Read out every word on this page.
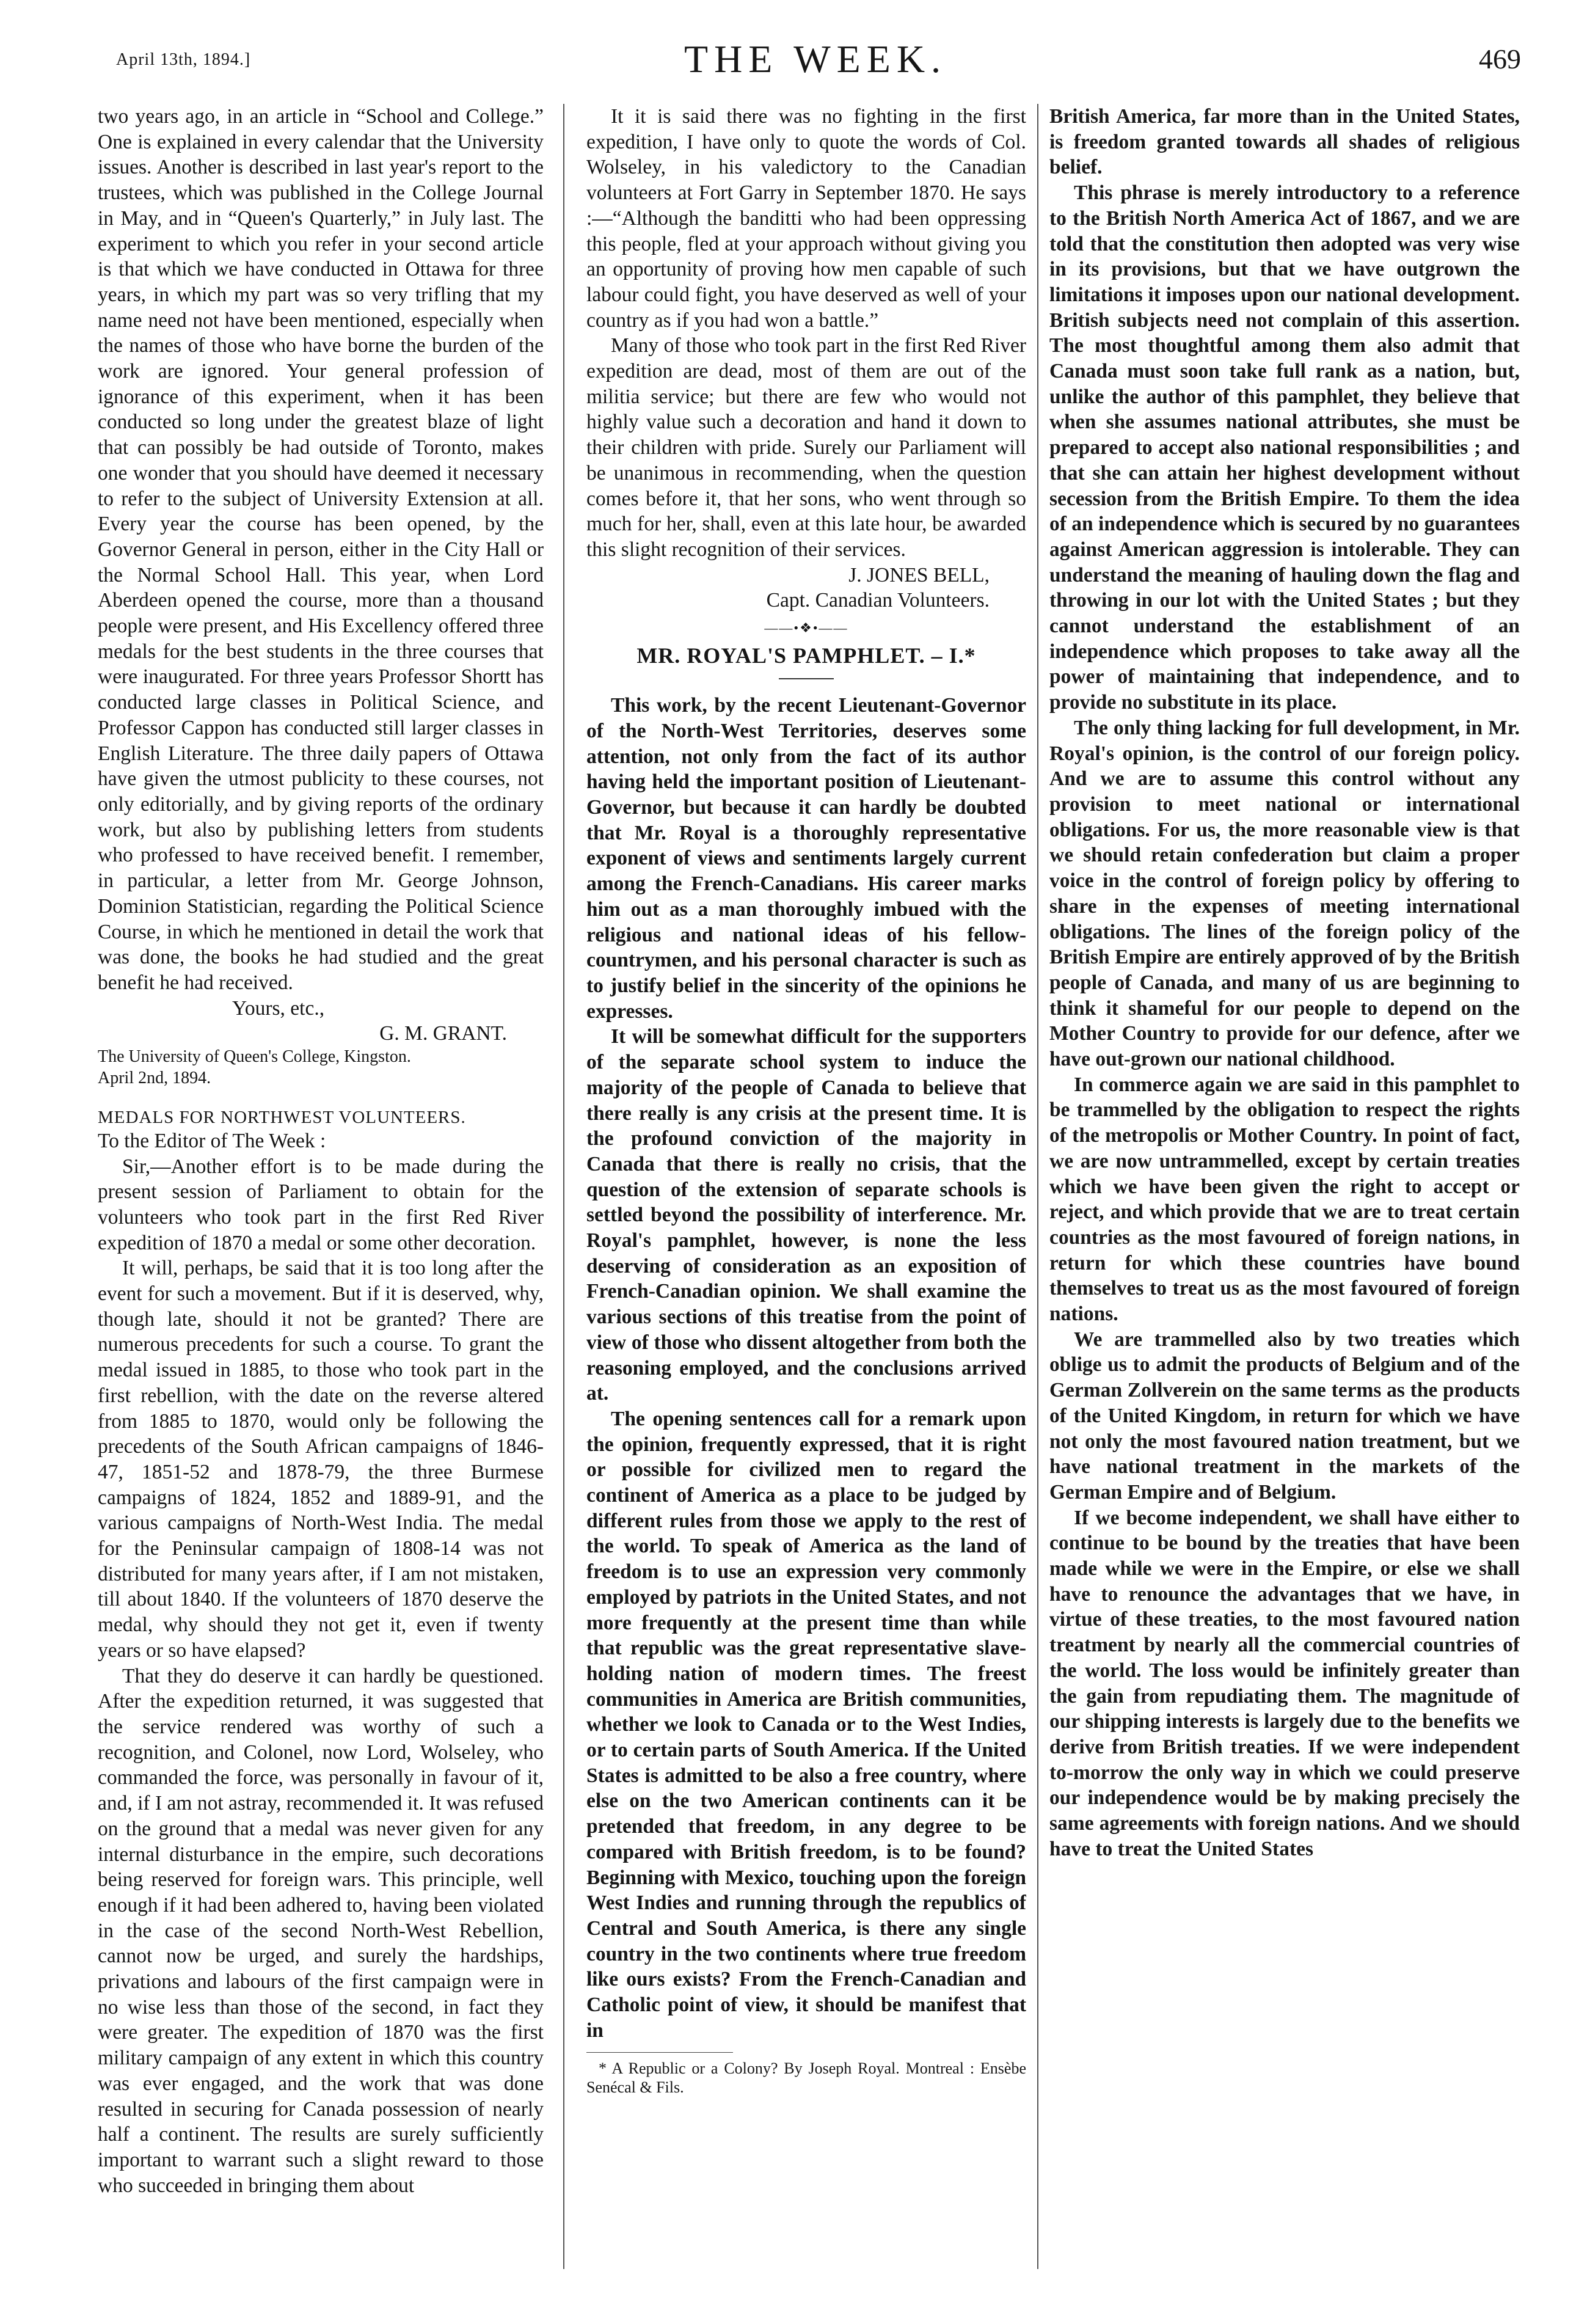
April 13th, 1894.]	THE WEEK.	469

two years ago, in an article in “School and College.” One is explained in every calendar that the University issues. Another is described in last year's report to the trustees, which was published in the College Journal in May, and in “Queen's Quarterly,” in July last. The experiment to which you refer in your second article is that which we have conducted in Ottawa for three years, in which my part was so very trifling that my name need not have been mentioned, especially when the names of those who have borne the burden of the work are ignored. Your general profession of ignorance of this experiment, when it has been conducted so long under the greatest blaze of light that can possibly be had outside of Toronto, makes one wonder that you should have deemed it necessary to refer to the subject of University Extension at all. Every year the course has been opened, by the Governor General in person, either in the City Hall or the Normal School Hall. This year, when Lord Aberdeen opened the course, more than a thousand people were present, and His Excellency offered three medals for the best students in the three courses that were inaugurated. For three years Professor Shortt has conducted large classes in Political Science, and Professor Cappon has conducted still larger classes in English Literature. The three daily papers of Ottawa have given the utmost publicity to these courses, not only editorially, and by giving reports of the ordinary work, but also by publishing letters from students who professed to have received benefit. I remember, in particular, a letter from Mr. George Johnson, Dominion Statistician, regarding the Political Science Course, in which he mentioned in detail the work that was done, the books he had studied and the great benefit he had received.

Yours, etc.,

G. M. GRANT.

The University of Queen's College, Kingston.

April 2nd, 1894.

MEDALS FOR NORTHWEST VOLUNTEERS.

To the Editor of The Week :

Sir,—Another effort is to be made during the present session of Parliament to obtain for the volunteers who took part in the first Red River expedition of 1870 a medal or some other decoration.

It will, perhaps, be said that it is too long after the event for such a movement. But if it is deserved, why, though late, should it not be granted? There are numerous precedents for such a course. To grant the medal issued in 1885, to those who took part in the first rebellion, with the date on the reverse altered from 1885 to 1870, would only be following the precedents of the South African campaigns of 1846-47, 1851-52 and 1878-79, the three Burmese campaigns of 1824, 1852 and 1889-91, and the various campaigns of North-West India. The medal for the Peninsular campaign of 1808-14 was not distributed for many years after, if I am not mistaken, till about 1840. If the volunteers of 1870 deserve the medal, why should they not get it, even if twenty years or so have elapsed?

That they do deserve it can hardly be questioned. After the expedition returned, it was suggested that the service rendered was worthy of such a recognition, and Colonel, now Lord, Wolseley, who commanded the force, was personally in favour of it, and, if I am not astray, recommended it. It was refused on the ground that a medal was never given for any internal disturbance in the empire, such decorations being reserved for foreign wars. This principle, well enough if it had been adhered to, having been violated in the case of the second North-West Rebellion, cannot now be urged, and surely the hardships, privations and labours of the first campaign were in no wise less than those of the second, in fact they were greater. The expedition of 1870 was the first military campaign of any extent in which this country was ever engaged, and the work that was done resulted in securing for Canada possession of nearly half a continent. The results are surely sufficiently important to warrant such a slight reward to those who succeeded in bringing them about

It it is said there was no fighting in the first expedition, I have only to quote the words of Col. Wolseley, in his valedictory to the Canadian volunteers at Fort Garry in September 1870. He says :—“Although the banditti who had been oppressing this people, fled at your approach without giving you an opportunity of proving how men capable of such labour could fight, you have deserved as well of your country as if you had won a battle.”

Many of those who took part in the first Red River expedition are dead, most of them are out of the militia service; but there are few who would not highly value such a decoration and hand it down to their children with pride. Surely our Parliament will be unanimous in recommending, when the question comes before it, that her sons, who went through so much for her, shall, even at this late hour, be awarded this slight recognition of their services.

J. JONES BELL,

Capt. Canadian Volunteers.

——•❖•——

MR. ROYAL'S PAMPHLET. – I.*

This work, by the recent Lieutenant-Governor of the North-West Territories, deserves some attention, not only from the fact of its author having held the important position of Lieutenant-Governor, but because it can hardly be doubted that Mr. Royal is a thoroughly representative exponent of views and sentiments largely current among the French-Canadians. His career marks him out as a man thoroughly imbued with the religious and national ideas of his fellow-countrymen, and his personal character is such as to justify belief in the sincerity of the opinions he expresses.

It will be somewhat difficult for the supporters of the separate school system to induce the majority of the people of Canada to believe that there really is any crisis at the present time. It is the profound conviction of the majority in Canada that there is really no crisis, that the question of the extension of separate schools is settled beyond the possibility of interference. Mr. Royal's pamphlet, however, is none the less deserving of consideration as an exposition of French-Canadian opinion. We shall examine the various sections of this treatise from the point of view of those who dissent altogether from both the reasoning employed, and the conclusions arrived at.

The opening sentences call for a remark upon the opinion, frequently expressed, that it is right or possible for civilized men to regard the continent of America as a place to be judged by different rules from those we apply to the rest of the world. To speak of America as the land of freedom is to use an expression very commonly employed by patriots in the United States, and not more frequently at the present time than while that republic was the great representative slave-holding nation of modern times. The freest communities in America are British communities, whether we look to Canada or to the West Indies, or to certain parts of South America. If the United States is admitted to be also a free country, where else on the two American continents can it be pretended that freedom, in any degree to be compared with British freedom, is to be found? Beginning with Mexico, touching upon the foreign West Indies and running through the republics of Central and South America, is there any single country in the two continents where true freedom like ours exists? From the French-Canadian and Catholic point of view, it should be manifest that in

* A Republic or a Colony? By Joseph Royal. Montreal : Ensèbe Senécal & Fils.

British America, far more than in the United States, is freedom granted towards all shades of religious belief.

This phrase is merely introductory to a reference to the British North America Act of 1867, and we are told that the constitution then adopted was very wise in its provisions, but that we have outgrown the limitations it imposes upon our national development. British subjects need not complain of this assertion. The most thoughtful among them also admit that Canada must soon take full rank as a nation, but, unlike the author of this pamphlet, they believe that when she assumes national attributes, she must be prepared to accept also national responsibilities ; and that she can attain her highest development without secession from the British Empire. To them the idea of an independence which is secured by no guarantees against American aggression is intolerable. They can understand the meaning of hauling down the flag and throwing in our lot with the United States ; but they cannot understand the establishment of an independence which proposes to take away all the power of maintaining that independence, and to provide no substitute in its place.

The only thing lacking for full development, in Mr. Royal's opinion, is the control of our foreign policy. And we are to assume this control without any provision to meet national or international obligations. For us, the more reasonable view is that we should retain confederation but claim a proper voice in the control of foreign policy by offering to share in the expenses of meeting international obligations. The lines of the foreign policy of the British Empire are entirely approved of by the British people of Canada, and many of us are beginning to think it shameful for our people to depend on the Mother Country to provide for our defence, after we have out-grown our national childhood.

In commerce again we are said in this pamphlet to be trammelled by the obligation to respect the rights of the metropolis or Mother Country. In point of fact, we are now untrammelled, except by certain treaties which we have been given the right to accept or reject, and which provide that we are to treat certain countries as the most favoured of foreign nations, in return for which these countries have bound themselves to treat us as the most favoured of foreign nations.

We are trammelled also by two treaties which oblige us to admit the products of Belgium and of the German Zollverein on the same terms as the products of the United Kingdom, in return for which we have not only the most favoured nation treatment, but we have national treatment in the markets of the German Empire and of Belgium.

If we become independent, we shall have either to continue to be bound by the treaties that have been made while we were in the Empire, or else we shall have to renounce the advantages that we have, in virtue of these treaties, to the most favoured nation treatment by nearly all the commercial countries of the world. The loss would be infinitely greater than the gain from repudiating them. The magnitude of our shipping interests is largely due to the benefits we derive from British treaties. If we were independent to-morrow the only way in which we could preserve our independence would be by making precisely the same agreements with foreign nations. And we should have to treat the United States
